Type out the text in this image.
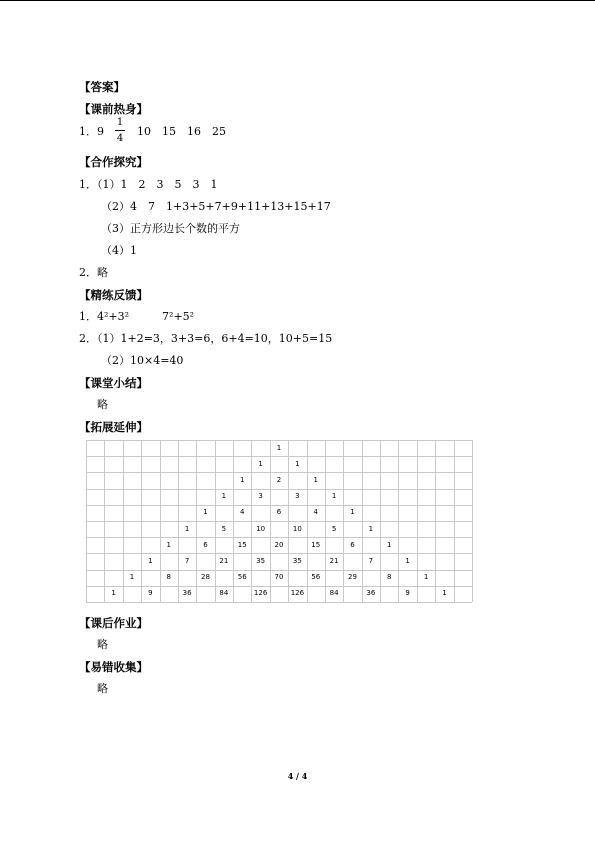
【答案】
【课前热身】
1．9
1
4
10　15　16　25
【合作探究】
1．（1）1　2　3　5　3　1
（2）4　7　1+3+5+7+9+11+13+15+17
（3）正方形边长个数的平方
（4）1
2．略
【精练反馈】
1．4²+3²　　　7²+5²
2．（1）1+2=3，3+3=6，6+4=10，10+5=15
（2）10×4=40
【课堂小结】
略
【拓展延伸】
1
1	1
1	2	1
1	3	3	1
1	4	6	4	1
1	5	10	10	5	1
1	6	15	20	15	6	1
1	7	21	35	35	21	7	1
1	8	28	56	70	56	29	8	1
1	9	36	84	126	126	84	36	9	1
【课后作业】
略
【易错收集】
略
4 / 4
